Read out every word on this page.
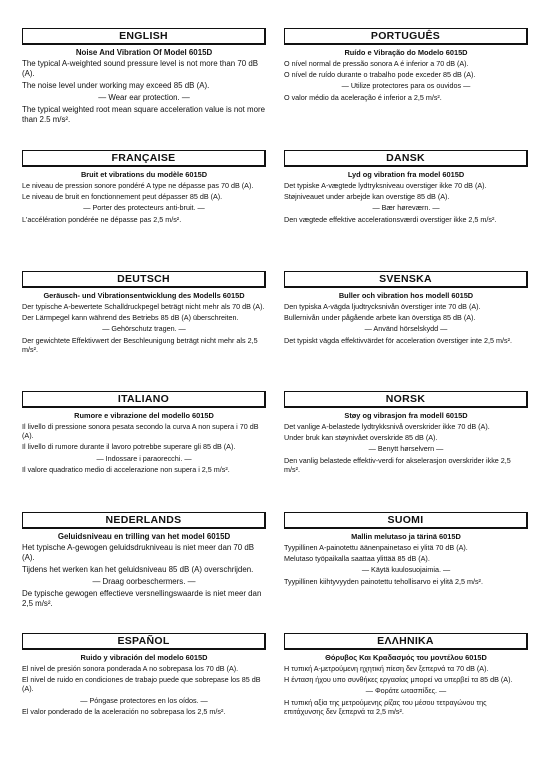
ENGLISH
Noise And Vibration Of Model 6015D
The typical A-weighted sound pressure level is not more than 70 dB (A).
The noise level under working may exceed 85 dB (A).
— Wear ear protection. —
The typical weighted root mean square acceleration value is not more than 2.5 m/s².
PORTUGUÊS
Ruído e Vibração do Modelo 6015D
O nível normal de pressão sonora A é inferior a 70 dB (A).
O nível de ruído durante o trabalho pode exceder 85 dB (A).
— Utilize protectores para os ouvidos —
O valor médio da aceleração é inferior a 2,5 m/s².
FRANÇAISE
Bruit et vibrations du modèle 6015D
Le niveau de pression sonore pondéré A type ne dépasse pas 70 dB (A).
Le niveau de bruit en fonctionnement peut dépasser 85 dB (A).
— Porter des protecteurs anti-bruit. —
L'accélération pondérée ne dépasse pas 2,5 m/s².
DANSK
Lyd og vibration fra model 6015D
Det typiske A-vægtede lydtryksniveau overstiger ikke 70 dB (A).
Støjniveauet under arbejde kan overstige 85 dB (A).
— Bær høreværn. —
Den vægtede effektive accelerationsværdi overstiger ikke 2,5 m/s².
DEUTSCH
Geräusch- und Vibrationsentwicklung des Modells 6015D
Der typische A-bewertete Schalldruckpegel beträgt nicht mehr als 70 dB (A).
Der Lärmpegel kann während des Betriebs 85 dB (A) überschreiten.
— Gehörschutz tragen. —
Der gewichtete Effektivwert der Beschleunigung beträgt nicht mehr als 2,5 m/s².
SVENSKA
Buller och vibration hos modell 6015D
Den typiska A-vägda ljudtrycksnivån överstiger inte 70 dB (A).
Bullernivån under pågående arbete kan överstiga 85 dB (A).
— Använd hörselskydd —
Det typiskt vägda effektivvärdet för acceleration överstiger inte 2,5 m/s².
ITALIANO
Rumore e vibrazione del modello 6015D
Il livello di pressione sonora pesata secondo la curva A non supera i 70 dB (A).
Il livello di rumore durante il lavoro potrebbe superare gli 85 dB (A).
— Indossare i paraorecchi. —
Il valore quadratico medio di accelerazione non supera i 2,5 m/s².
NORSK
Støy og vibrasjon fra modell 6015D
Det vanlige A-belastede lydtrykksnivå overskrider ikke 70 dB (A).
Under bruk kan støynivået overskride 85 dB (A).
— Benytt hørselvern —
Den vanlig belastede effektiv-verdi for akselerasjon overskrider ikke 2,5 m/s².
NEDERLANDS
Geluidsniveau en trilling van het model 6015D
Het typische A-gewogen geluidsdrukniveau is niet meer dan 70 dB (A).
Tijdens het werken kan het geluidsniveau 85 dB (A) overschrijden.
— Draag oorbeschermers. —
De typische gewogen effectieve versnellingswaarde is niet meer dan 2,5 m/s².
SUOMI
Mallin melutaso ja tärinä 6015D
Tyypillinen A-painotettu äänenpainetaso ei ylitä 70 dB (A).
Melutaso työpaikalla saattaa ylittää 85 dB (A).
— Käytä kuulosuojaimia. —
Tyypillinen kiihtyvyyden painotettu tehollisarvo ei ylitä 2,5 m/s².
ESPAÑOL
Ruido y vibración del modelo 6015D
El nivel de presión sonora ponderada A no sobrepasa los 70 dB (A).
El nivel de ruido en condiciones de trabajo puede que sobrepase los 85 dB (A).
— Póngase protectores en los oídos. —
El valor ponderado de la aceleración no sobrepasa los 2,5 m/s².
ΕΛΛΗΝΙΚΑ
Θόρυβος Και Κραδασμός του μοντέλου 6015D
Η τυπική Α-μετρούμενη ηχητική πίεση δεν ξεπερνά τα 70 dB (A).
Η ένταση ήχου υπο συνθήκες εργασίας μπορεί να υπερβεί τα 85 dB (A).
— Φοράτε ωτασπίδες. —
Η τυπική αξία της μετρούμενης ρίζας του μέσου τετραγώνου της επιτάχυνσης δεν ξεπερνά τα 2,5 m/s².
